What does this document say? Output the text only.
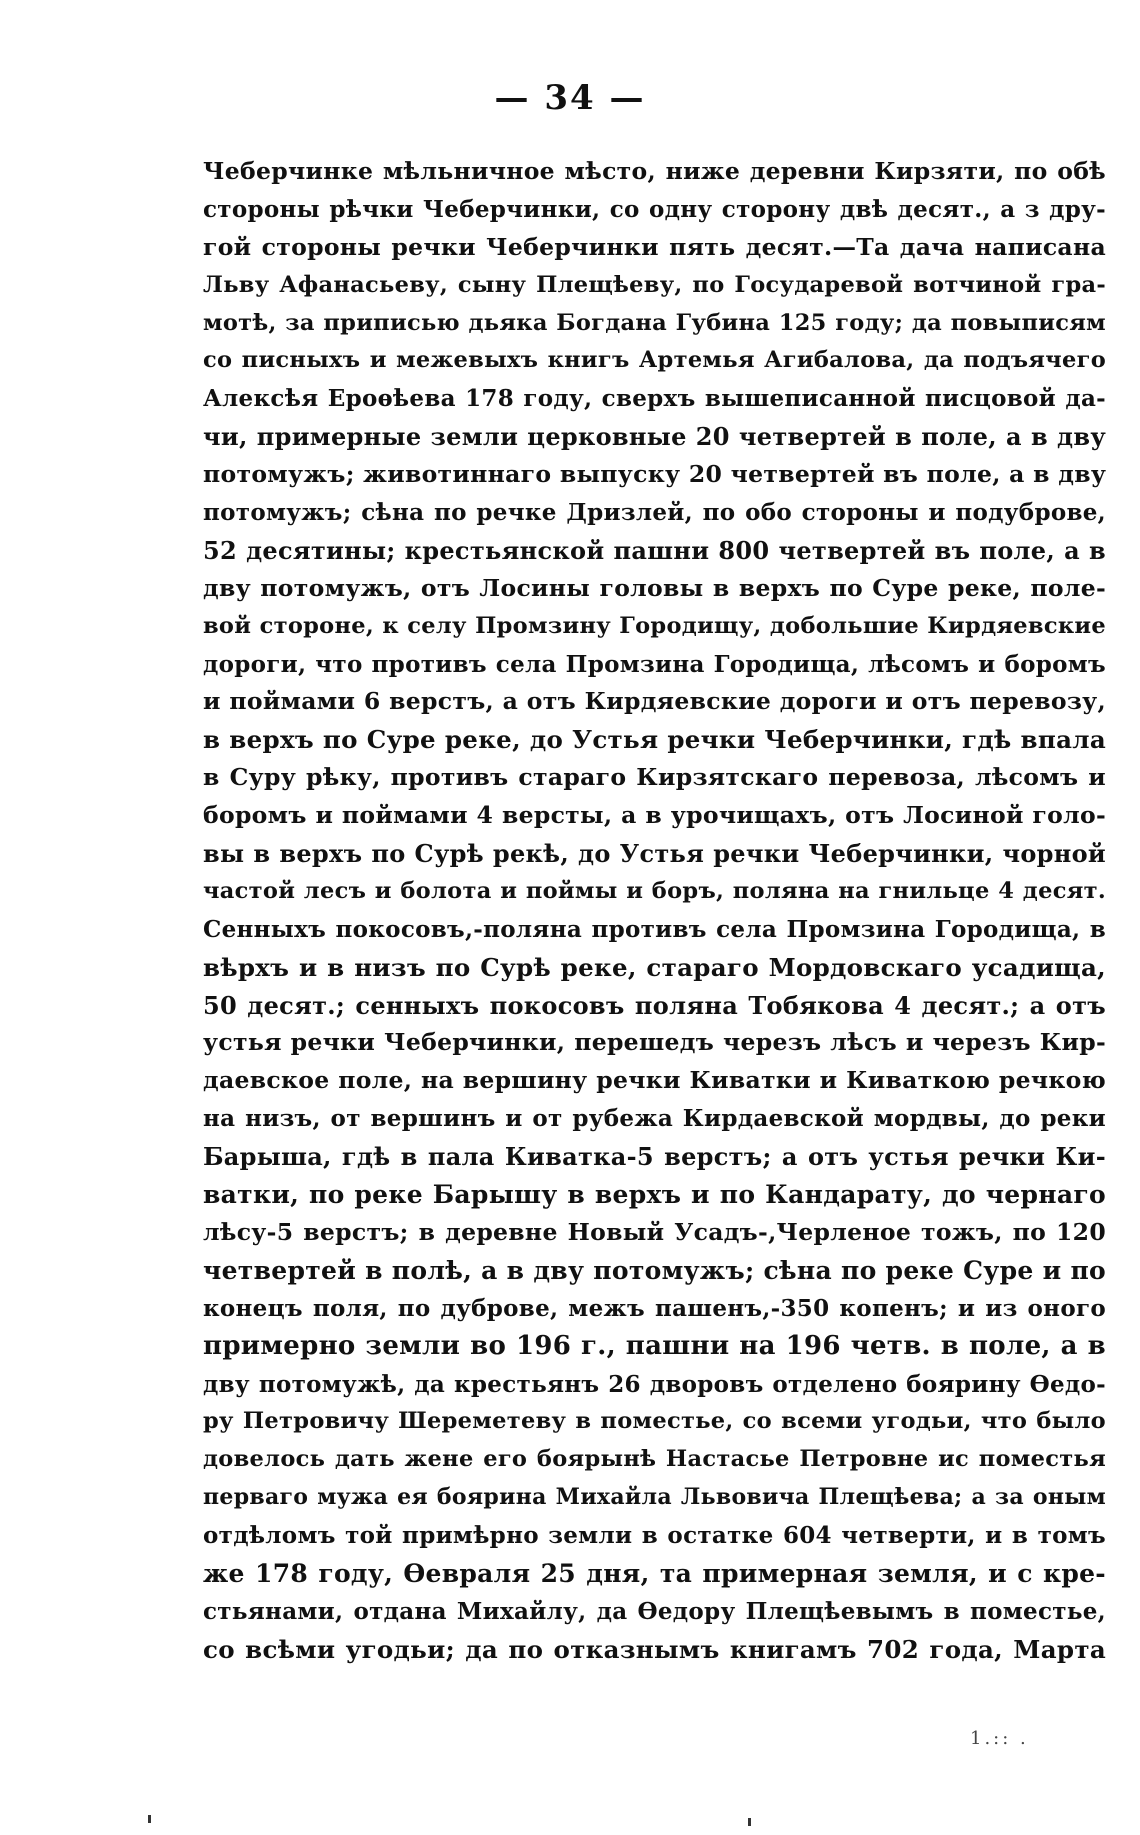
— 34 —
Чеберчинке мѣльничное мѣсто, ниже деревни Кирзяти, по обѣ
стороны рѣчки Чеберчинки, со одну сторону двѣ десят., а з дру-
гой стороны речки Чеберчинки пять десят.—Та дача написана
Льву Афанасьеву, сыну Плещѣеву, по Государевой вотчиной гра-
мотѣ, за приписью дьяка Богдана Губина 125 году; да повыписям
со писныхъ и межевыхъ книгъ Артемья Агибалова, да подъячего
Алексѣя Ероѳѣева 178 году, сверхъ вышеписанной писцовой да-
чи, примерные земли церковные 20 четвертей в поле, а в дву
потомужъ; животиннаго выпуску 20 четвертей въ поле, а в дву
потомужъ; сѣна по речке Дризлей, по обо стороны и подуброве,
52 десятины; крестьянской пашни 800 четвертей въ поле, а в
дву потомужъ, отъ Лосины головы в верхъ по Суре реке, поле-
вой стороне, к селу Промзину Городищу, добольшие Кирдяевские
дороги, что противъ села Промзина Городища, лѣсомъ и боромъ
и поймами 6 верстъ, а отъ Кирдяевские дороги и отъ перевозу,
в верхъ по Суре реке, до Устья речки Чеберчинки, гдѣ впала
в Суру рѣку, противъ стараго Кирзятскаго перевоза, лѣсомъ и
боромъ и поймами 4 версты, а в урочищахъ, отъ Лосиной голо-
вы в верхъ по Сурѣ рекѣ, до Устья речки Чеберчинки, чорной
частой лесъ и болота и поймы и боръ, поляна на гнильце 4 десят.
Сенныхъ покосовъ,-поляна противъ села Промзина Городища, в
вѣрхъ и в низъ по Сурѣ реке, стараго Мордовскаго усадища,
50 десят.; сенныхъ покосовъ поляна Тобякова 4 десят.; а отъ
устья речки Чеберчинки, перешедъ черезъ лѣсъ и черезъ Кир-
даевское поле, на вершину речки Киватки и Киваткою речкою
на низъ, от вершинъ и от рубежа Кирдаевской мордвы, до реки
Барыша, гдѣ в пала Киватка-5 верстъ; а отъ устья речки Ки-
ватки, по реке Барышу в верхъ и по Кандарату, до чернаго
лѣсу-5 верстъ; в деревне Новый Усадъ-,Черленое тожъ, по 120
четвертей в полѣ, а в дву потомужъ; сѣна по реке Суре и по
конецъ поля, по дуброве, межъ пашенъ,-350 копенъ; и из оного
примерно земли во 196 г., пашни на 196 четв. в поле, а в
дву потомужѣ, да крестьянъ 26 дворовъ отделено боярину Ѳедо-
ру Петровичу Шереметеву в поместье, со всеми угодьи, что было
довелось дать жене его боярынѣ Настасье Петровне ис поместья
перваго мужа ея боярина Михайла Львовича Плещѣева; а за оным
отдѣломъ той примѣрно земли в остатке 604 четверти, и в томъ
же 178 году, Ѳевраля 25 дня, та примерная земля, и с кре-
стьянами, отдана Михайлу, да Ѳедору Плещѣевымъ в поместье,
со всѣми угодьи; да по отказнымъ книгамъ 702 года, Марта
1.:: .
